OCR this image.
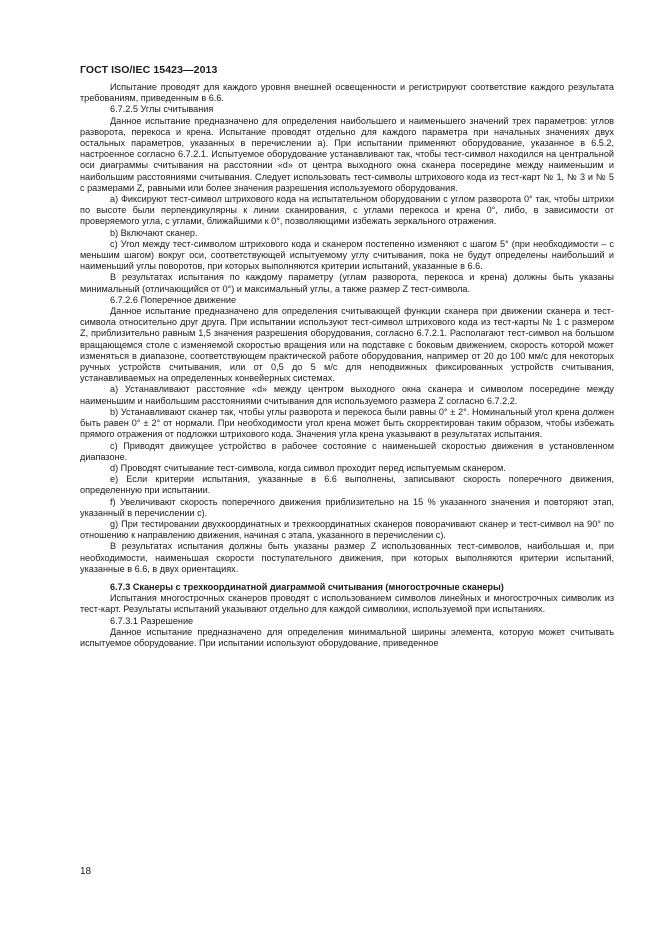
ГОСТ ISO/IEC 15423—2013

Испытание проводят для каждого уровня внешней освещенности и регистрируют соответствие каждого результата требованиям, приведенным в 6.6.

6.7.2.5 Углы считывания

Данное испытание предназначено для определения наибольшего и наименьшего значений трех параметров: углов разворота, перекоса и крена. Испытание проводят отдельно для каждого параметра при начальных значениях двух остальных параметров, указанных в перечислении а). При испытании применяют оборудование, указанное в 6.5.2, настроенное согласно 6.7.2.1. Испытуемое оборудование устанавливают так, чтобы тест-символ находился на центральной оси диаграммы считывания на расстоянии «d» от центра выходного окна сканера посередине между наименьшим и наибольшим расстояниями считывания. Следует использовать тест-символы штрихового кода из тест-карт № 1, № 3 и № 5 с размерами Z, равными или более значения разрешения используемого оборудования.

а) Фиксируют тест-символ штрихового кода на испытательном оборудовании с углом разворота 0° так, чтобы штрихи по высоте были перпендикулярны к линии сканирования, с углами перекоса и крена 0°, либо, в зависимости от проверяемого угла, с углами, ближайшими к 0°, позволяющими избежать зеркального отражения.

b) Включают сканер.

с) Угол между тест-символом штрихового кода и сканером постепенно изменяют с шагом 5° (при необходимости – с меньшим шагом) вокруг оси, соответствующей испытуемому углу считывания, пока не будут определены наибольший и наименьший углы поворотов, при которых выполняются критерии испытаний, указанные в 6.6.

В результатах испытания по каждому параметру (углам разворота, перекоса и крена) должны быть указаны минимальный (отличающийся от 0°) и максимальный углы, а также размер Z тест-символа.

6.7.2.6 Поперечное движение

Данное испытание предназначено для определения считывающей функции сканера при движении сканера и тест-символа относительно друг друга. При испытании используют тест-символ штрихового кода из тест-карты № 1 с размером Z, приблизительно равным 1,5 значения разрешения оборудования, согласно 6.7.2.1. Располагают тест-символ на большом вращающемся столе с изменяемой скоростью вращения или на подставке с боковым движением, скорость которой может изменяться в диапазоне, соответствующем практической работе оборудования, например от 20 до 100 мм/с для некоторых ручных устройств считывания, или от 0,5 до 5 м/с для неподвижных фиксированных устройств считывания, устанавливаемых на определенных конвейерных системах.

а) Устанавливают расстояние «d» между центром выходного окна сканера и символом посередине между наименьшим и наибольшим расстояниями считывания для используемого размера Z согласно 6.7.2.2.

b) Устанавливают сканер так, чтобы углы разворота и перекоса были равны 0° ± 2°. Номинальный угол крена должен быть равен 0° ± 2° от нормали. При необходимости угол крена может быть скорректирован таким образом, чтобы избежать прямого отражения от подложки штрихового кода. Значения угла крена указывают в результатах испытания.

с) Приводят движущее устройство в рабочее состояние с наименьшей скоростью движения в установленном диапазоне.

d) Проводят считывание тест-символа, когда символ проходит перед испытуемым сканером.

е) Если критерии испытания, указанные в 6.6 выполнены, записывают скорость поперечного движения, определенную при испытании.

f) Увеличивают скорость поперечного движения приблизительно на 15 % указанного значения и повторяют этап, указанный в перечислении с).

g) При тестировании двухкоординатных и трехкоординатных сканеров поворачивают сканер и тест-символ на 90° по отношению к направлению движения, начиная с этапа, указанного в перечислении с).

В результатах испытания должны быть указаны размер Z использованных тест-символов, наибольшая и, при необходимости, наименьшая скорости поступательного движения, при которых выполняются критерии испытаний, указанные в 6.6, в двух ориентациях.

6.7.3 Сканеры с трехкоординатной диаграммой считывания (многострочные сканеры)

Испытания многострочных сканеров проводят с использованием символов линейных и многострочных символик из тест-карт. Результаты испытаний указывают отдельно для каждой символики, используемой при испытаниях.

6.7.3.1 Разрешение

Данное испытание предназначено для определения минимальной ширины элемента, которую может считывать испытуемое оборудование. При испытании используют оборудование, приведенное

18
